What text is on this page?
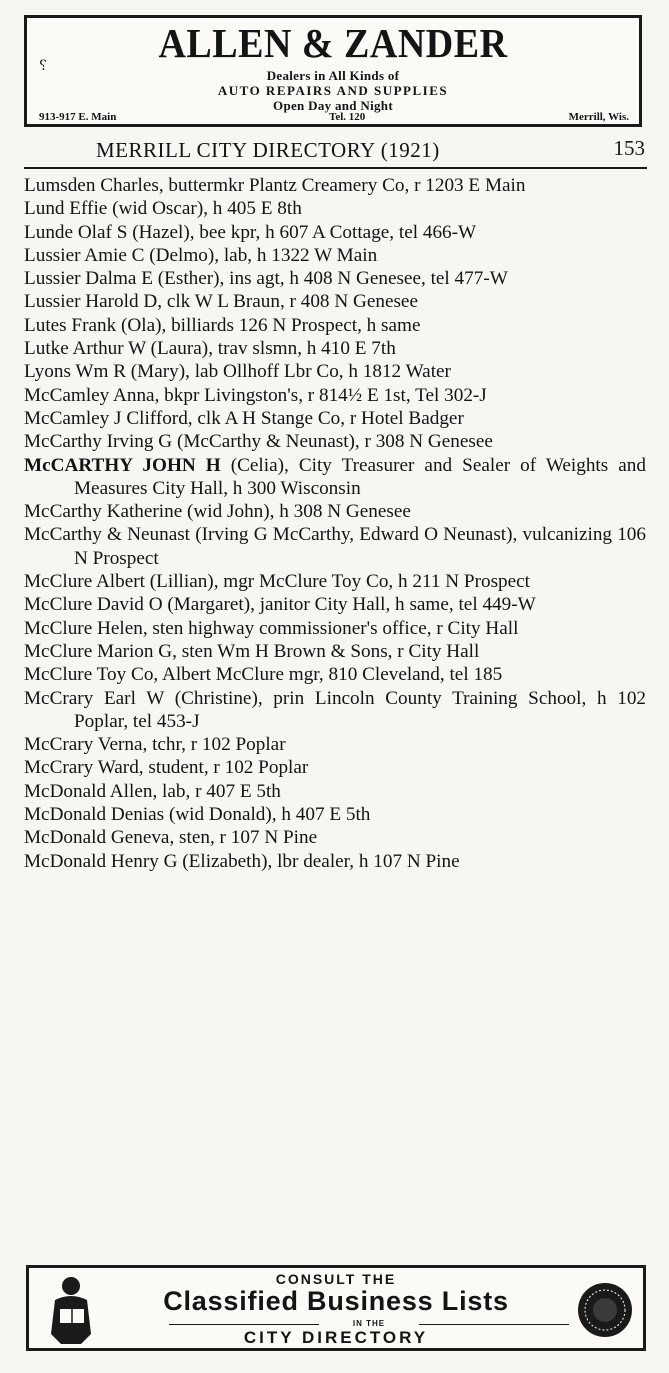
⸮	ALLEN & ZANDER
Dealers in All Kinds of
AUTO REPAIRS AND SUPPLIES
Open Day and Night
913-917 E. Main	Tel. 120	Merrill, Wis.
MERRILL CITY DIRECTORY (1921)	153
Lumsden Charles, buttermkr Plantz Creamery Co, r 1203 E Main
Lund Effie (wid Oscar), h 405 E 8th
Lunde Olaf S (Hazel), bee kpr, h 607 A Cottage, tel 466-W
Lussier Amie C (Delmo), lab, h 1322 W Main
Lussier Dalma E (Esther), ins agt, h 408 N Genesee, tel 477-W
Lussier Harold D, clk W L Braun, r 408 N Genesee
Lutes Frank (Ola), billiards 126 N Prospect, h same
Lutke Arthur W (Laura), trav slsmn, h 410 E 7th
Lyons Wm R (Mary), lab Ollhoff Lbr Co, h 1812 Water
McCamley Anna, bkpr Livingston's, r 814½ E 1st, Tel 302-J
McCamley J Clifford, clk A H Stange Co, r Hotel Badger
McCarthy Irving G (McCarthy & Neunast), r 308 N Genesee
McCARTHY JOHN H (Celia), City Treasurer and Sealer of Weights and Measures City Hall, h 300 Wisconsin
McCarthy Katherine (wid John), h 308 N Genesee
McCarthy & Neunast (Irving G McCarthy, Edward O Neunast), vulcanizing 106 N Prospect
McClure Albert (Lillian), mgr McClure Toy Co, h 211 N Prospect
McClure David O (Margaret), janitor City Hall, h same, tel 449-W
McClure Helen, sten highway commissioner's office, r City Hall
McClure Marion G, sten Wm H Brown & Sons, r City Hall
McClure Toy Co, Albert McClure mgr, 810 Cleveland, tel 185
McCrary Earl W (Christine), prin Lincoln County Training School, h 102 Poplar, tel 453-J
McCrary Verna, tchr, r 102 Poplar
McCrary Ward, student, r 102 Poplar
McDonald Allen, lab, r 407 E 5th
McDonald Denias (wid Donald), h 407 E 5th
McDonald Geneva, sten, r 107 N Pine
McDonald Henry G (Elizabeth), lbr dealer, h 107 N Pine
CONSULT THE
Classified Business Lists
IN THE
CITY DIRECTORY
